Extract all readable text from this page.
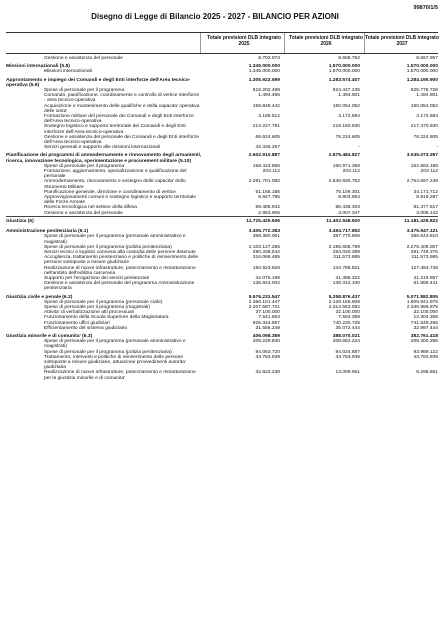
99870/1/5
Disegno di Legge di Bilancio 2025 - 2027 - BILANCIO PER AZIONI
Totale previsioni DLB integrato 2025
Totale previsioni DLB integrato 2026
Totale previsioni DLB integrato 2027
Gestione e assistenza del personale	8.702.973	8.668.752	8.667.957
Missioni internazionali (5.8)	1.345.000.000	1.570.000.000	1.570.000.000
Missioni internazionali	1.345.000.000	1.570.000.000	1.570.000.000
Approntamento e impiego dei Comandi e degli Enti interforze dell'Area tecnico-operativa (5.9)	1.305.922.599	1.283.574.407	1.284.195.900
Spese di personale per il programma	816.202.498	824.447.235	825.776.728
Comando, pianificazione, coordinamento e controllo di vertice interforze - area tecnico-operativa	1.494.495	1.494.901	1.494.901
Acquisizione e mantenimento delle qualifiche e della capacita' operativa delle unita'	159.849.442	160.054.052	160.054.052
Formazione militare del personale dei Comandi e degli Enti interforze dell'Area tecnico-operativa	3.188.512	3.172.684	3.172.684
Sostegno logistico e supporto territoriale dei Comandi e degli Enti interforze dell'Area tecnico-operativa	214.227.791	218.180.930	217.470.930
Gestione e assistenza del personale dei Comandi e degli Enti interforze dell'Area tecnico-operativa	68.624.605	76.224.605	76.224.605
Servizi generali e supporto alle missioni internazionali	42.335.257	-	-
Pianificazione dei programmi di ammodernamento e rinnovamento degli armamenti, ricerca, innovazione tecnologica, sperimentazione e procurement militare (5.10)	2.602.910.887	2.875.484.827	3.045.073.397
Spese di personale per il programma	158.423.866	160.971.358	162.693.188
Formazione, aggiornamento, specializzazione e qualificazione del personale	203.112	203.112	203.112
Ammodernamento, rinnovamento e sostegno delle capacita' dello Strumento Militare	2.291.701.082	2.540.830.752	2.754.597.249
Pianificazione generale, direzione e coordinamento di vertice	51.165.185	75.109.301	34.171.712
Approvvigionamenti comuni e sostegno logistico e supporto territoriale delle Forze Armate	8.947.795	8.903.854	8.919.287
Ricerca tecnologica nel settore della difesa	89.485.942	86.438.303	81.477.617
Gestione e assistenza del personale	2.983.905	3.007.347	3.008.142
Giustizia (6)	11.725.425.936	11.402.948.920	11.181.425.822
Amministrazione penitenziaria (6.1)	3.406.772.383	3.494.717.852	3.475.947.121
Spese di personale per il programma (personale amministrativo e magistrati)	369.380.051	387.770.806	366.643.810
Spese di personale per il programma (polizia penitenziaria)	2.103.127.255	2.195.658.799	2.275.408.007
Servizi tecnici e logistici connessi alla custodia delle persone detenute	290.338.542	294.020.399	291.749.376
Accoglienza, trattamento penitenziario e politiche di reinserimento delle persone sottoposte a misure giudiziarie	316.068.485	311.573.985	311.573.985
Realizzazione di nuove infrastrutture, potenziamento e ristrutturazione nell'ambito dell'edilizia carceraria	150.923.829	144.785.821	127.494.745
Supporto per l'erogazione dei servizi penitenziari	42.075.199	41.398.322	41.219.957
Gestione e assistenza del personale del programma Amministrazione penitenziaria	136.843.002	139.312.100	61.859.441
Giustizia civile e penale (6.2)	5.576.231.547	5.258.876.437	5.071.882.805
Spese di personale per il programma (personale civile)	2.366.101.447	2.129.165.908	1.905.941.975
Spese di personale per il programma (magistrati)	2.207.587.721	2.314.553.052	2.345.989.875
Attivita' di verbalizzazione atti processuali	37.100.000	32.100.000	32.100.000
Funzionamento della Scuola Superiore della Magistratura	7.541.563	7.554.358	12.304.358
Funzionamento uffici giudiziari	926.344.567	740.230.725	741.549.255
Efficientamento del sistema giudiziario	31.556.249	35.072.444	32.997.444
Giustizia minorile e di comunita' (6.3)	406.098.359	388.070.021	382.761.418
Spese di personale per il programma (personale amministrativo e magistrati)	209.229.840	208.662.224	208.300.356
Spese di personale per il programma (polizia penitenziaria)	94.063.720	94.024.887	93.989.122
Trattamento, interventi e politiche di reinserimento delle persone sottoposte a misure giudiziarie, attuazione provvedimenti autorita' giudiziaria	43.783.939	43.783.939	43.783.939
Realizzazione di nuove infrastrutture, potenziamento e ristrutturazione per la giustizia minorile e di comunita'	32.822.238	13.009.551	8.298.551
